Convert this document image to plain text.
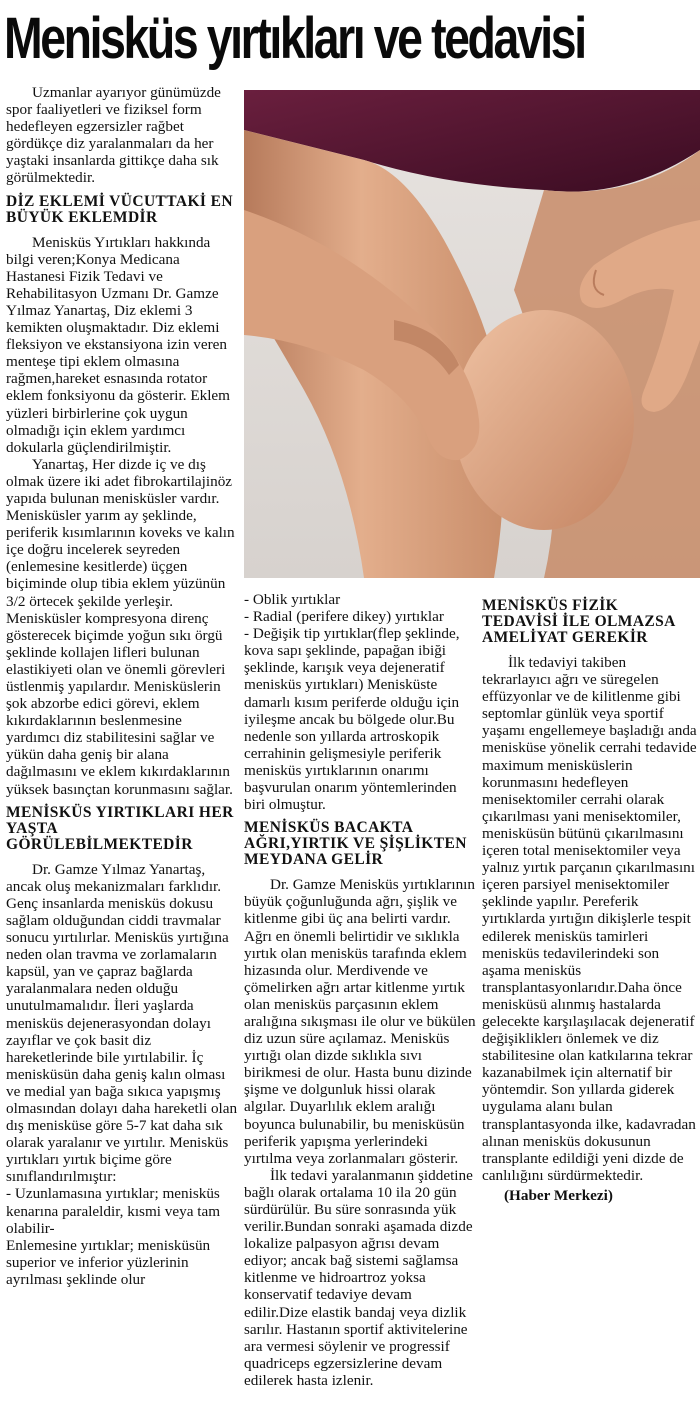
Menisküs yırtıkları ve tedavisi

Uzmanlar ayarıyor günümüzde spor faaliyetleri ve fiziksel form hedefleyen egzersizler rağbet gördükçe diz yaralanmaları da her yaştaki insanlarda gittikçe daha sık görülmektedir.

DİZ EKLEMİ VÜCUTTAKİ EN BÜYÜK EKLEMDİR

Menisküs Yırtıkları hakkında bilgi veren;Konya Medicana Hastanesi Fizik Tedavi ve Rehabilitasyon Uzmanı Dr. Gamze Yılmaz Yanartaş, Diz eklemi 3 kemikten oluşmaktadır. Diz eklemi fleksiyon ve ekstansiyona izin veren menteşe tipi eklem olmasına rağmen,hareket esnasında rotator eklem fonksiyonu da gösterir. Eklem yüzleri birbirlerine çok uygun olmadığı için eklem yardımcı dokularla güçlendirilmiştir.

Yanartaş, Her dizde iç ve dış olmak üzere iki adet fibrokartilajinöz yapıda bulunan menisküsler vardır. Menisküsler yarım ay şeklinde, periferik kısımlarının koveks ve kalın içe doğru incelerek seyreden (enlemesine kesitlerde) üçgen biçiminde olup tibia eklem yüzünün 3/2 örtecek şekilde yerleşir. Menisküsler kompresyona direnç gösterecek biçimde yoğun sıkı örgü şeklinde kollajen lifleri bulunan elastikiyeti olan ve önemli görevleri üstlenmiş yapılardır. Menisküslerin şok abzorbe edici görevi, eklem kıkırdaklarının beslenmesine yardımcı diz stabilitesini sağlar ve yükün daha geniş bir alana dağılmasını ve eklem kıkırdaklarının yüksek basınçtan korunmasını sağlar.

MENİSKÜS YIRTIKLARI HER YAŞTA GÖRÜLEBİLMEKTEDİR

Dr. Gamze Yılmaz Yanartaş, ancak oluş mekanizmaları farklıdır. Genç insanlarda menisküs dokusu sağlam olduğundan ciddi travmalar sonucu yırtılırlar. Menisküs yırtığına neden olan travma ve zorlamaların kapsül, yan ve çapraz bağlarda yaralanmalara neden olduğu unutulmamalıdır. İleri yaşlarda menisküs dejenerasyondan dolayı zayıflar ve çok basit diz hareketlerinde bile yırtılabilir. İç menisküsün daha geniş kalın olması ve medial yan bağa sıkıca yapışmış olmasından dolayı daha hareketli olan dış menisküse göre 5-7 kat daha sık olarak yaralanır ve yırtılır. Menisküs yırtıkları yırtık biçime göre sınıflandırılmıştır:

- Uzunlamasına yırtıklar; menisküs kenarına paraleldir, kısmi veya tam olabilir-

Enlemesine yırtıklar; menisküsün superior ve inferior yüzlerinin ayrılması şeklinde olur

- Oblik yırtıklar

- Radial (perifere dikey) yırtıklar

- Değişik tip yırtıklar(flep şeklinde, kova sapı şeklinde, papağan ibiği şeklinde, karışık veya dejeneratif menisküs yırtıkları) Menisküste damarlı kısım periferde olduğu için iyileşme ancak bu bölgede olur.Bu nedenle son yıllarda artroskopik cerrahinin gelişmesiyle periferik menisküs yırtıklarının onarımı başvurulan onarım yöntemlerinden biri olmuştur.

MENİSKÜS BACAKTA AĞRI,YIRTIK VE ŞİŞLİKTEN MEYDANA GELİR

Dr. Gamze Menisküs yırtıklarının büyük çoğunluğunda ağrı, şişlik ve kitlenme gibi üç ana belirti vardır. Ağrı en önemli belirtidir ve sıklıkla yırtık olan menisküs tarafında eklem hizasında olur. Merdivende ve çömelirken ağrı artar kitlenme yırtık olan menisküs parçasının eklem aralığına sıkışması ile olur ve bükülen diz uzun süre açılamaz. Menisküs yırtığı olan dizde sıklıkla sıvı birikmesi de olur. Hasta bunu dizinde şişme ve dolgunluk hissi olarak algılar. Duyarlılık eklem aralığı boyunca bulunabilir, bu menisküsün periferik yapışma yerlerindeki yırtılma veya zorlanmaları gösterir.

İlk tedavi yaralanmanın şiddetine bağlı olarak ortalama 10 ila 20 gün sürdürülür. Bu süre sonrasında yük verilir.Bundan sonraki aşamada dizde lokalize palpasyon ağrısı devam ediyor; ancak bağ sistemi sağlamsa kitlenme ve hidroartroz yoksa konservatif tedaviye devam edilir.Dize elastik bandaj veya dizlik sarılır. Hastanın sportif aktivitelerine ara vermesi söylenir ve progressif quadriceps egzersizlerine devam edilerek hasta izlenir.

MENİSKÜS FİZİK TEDAVİSİ İLE OLMAZSA AMELİYAT GEREKİR

İlk tedaviyi takiben tekrarlayıcı ağrı ve süregelen effüzyonlar ve de kilitlenme gibi septomlar günlük veya sportif yaşamı engellemeye başladığı anda menisküse yönelik cerrahi tedavide maximum menisküslerin korunmasını hedefleyen menisektomiler cerrahi olarak çıkarılması yani menisektomiler, menisküsün bütünü çıkarılmasını içeren total menisektomiler veya yalnız yırtık parçanın çıkarılmasını içeren parsiyel menisektomiler şeklinde yapılır. Pereferik yırtıklarda yırtığın dikişlerle tespit edilerek menisküs tamirleri menisküs tedavilerindeki son aşama menisküs transplantasyonlarıdır.Daha önce menisküsü alınmış hastalarda gelecekte karşılaşılacak dejeneratif değişikliklerı önlemek ve diz stabilitesine olan katkılarına tekrar kazanabilmek için alternatif bir yöntemdir. Son yıllarda giderek uygulama alanı bulan transplantasyonda ilke, kadavradan alınan menisküs dokusunun transplante edildiği yeni dizde de canlılığını sürdürmektedir.

(Haber Merkezi)
